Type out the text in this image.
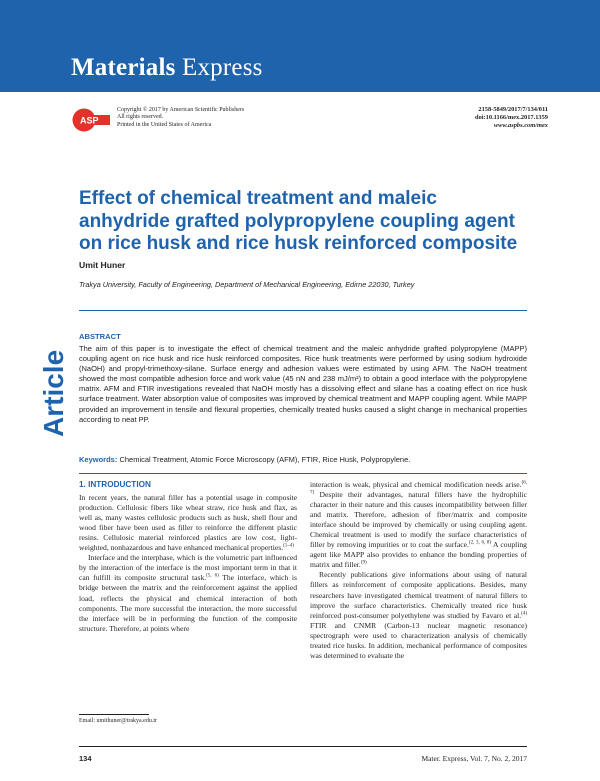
Materials Express
ASP
Copyright © 2017 by American Scientific Publishers
All rights reserved.
Printed in the United States of America
2158-5849/2017/7/134/011
doi:10.1166/mex.2017.1359
www.aspbs.com/mex
Article
Effect of chemical treatment and maleic anhydride grafted polypropylene coupling agent on rice husk and rice husk reinforced composite
Umit Huner
Trakya University, Faculty of Engineering, Department of Mechanical Engineering, Edirne 22030, Turkey
ABSTRACT
The aim of this paper is to investigate the effect of chemical treatment and the maleic anhydride grafted polypropylene (MAPP) coupling agent on rice husk and rice husk reinforced composites. Rice husk treatments were performed by using sodium hydroxide (NaOH) and propyl-trimethoxy-silane. Surface energy and adhesion values were estimated by using AFM. The NaOH treatment showed the most compatible adhesion force and work value (45 nN and 238 mJ/m²) to obtain a good interface with the polypropylene matrix. AFM and FTIR investigations revealed that NaOH mostly has a dissolving effect and silane has a coating effect on rice husk surface treatment. Water absorption value of composites was improved by chemical treatment and MAPP coupling agent. While MAPP provided an improvement in tensile and flexural properties, chemically treated husks caused a slight change in mechanical properties according to neat PP.
Keywords: Chemical Treatment, Atomic Force Microscopy (AFM), FTIR, Rice Husk, Polypropylene.
1. INTRODUCTION

In recent years, the natural filler has a potential usage in composite production. Cellulosic fibers like wheat straw, rice husk and flax, as well as, many wastes cellulosic products such as husk, shell flour and wood fiber have been used as filler to reinforce the different plastic resins. Cellulosic material reinforced plastics are low cost, light-weighted, nonhazardous and have enhanced mechanical properties.$^{(1-4)}$

Interface and the interphase, which is the volumetric part influenced by the interaction of the interface is the most important term in that it can fulfill its composite structural task.$^{(5, 6)}$ The interface, which is bridge between the matrix and the reinforcement against the applied load, reflects the physical and chemical interaction of both components. The more successful the interaction, the more successful the interface will be in performing the function of the composite structure. Therefore, at points where

interaction is weak, physical and chemical modification needs arise.$^{(6, 7)}$ Despite their advantages, natural fillers have the hydrophilic character in their nature and this causes incompatibility between filler and matrix. Therefore, adhesion of fiber/matrix and composite interface should be improved by chemically or using coupling agent. Chemical treatment is used to modify the surface characteristics of filler by removing impurities or to coat the surface.$^{(2, 3, 6, 8)}$ A coupling agent like MAPP also provides to enhance the bonding properties of matrix and filler.$^{(9)}$

Recently publications give informations about using of natural fillers as reinforcement of composite applications. Besides, many researchers have investigated chemical treatment of natural fillers to improve the surface characteristics. Chemically treated rice husk reinforced post-consumer polyethylene was studied by Favaro et al.$^{(4)}$ FTIR and CNMR (Carbon-13 nuclear magnetic resonance) spectrograph were used to characterization analysis of chemically treated rice husks. In addition, mechanical performance of composites was determined to evaluate the

Email: umithuner@trakya.edu.tr
134	Mater. Express, Vol. 7, No. 2, 2017
